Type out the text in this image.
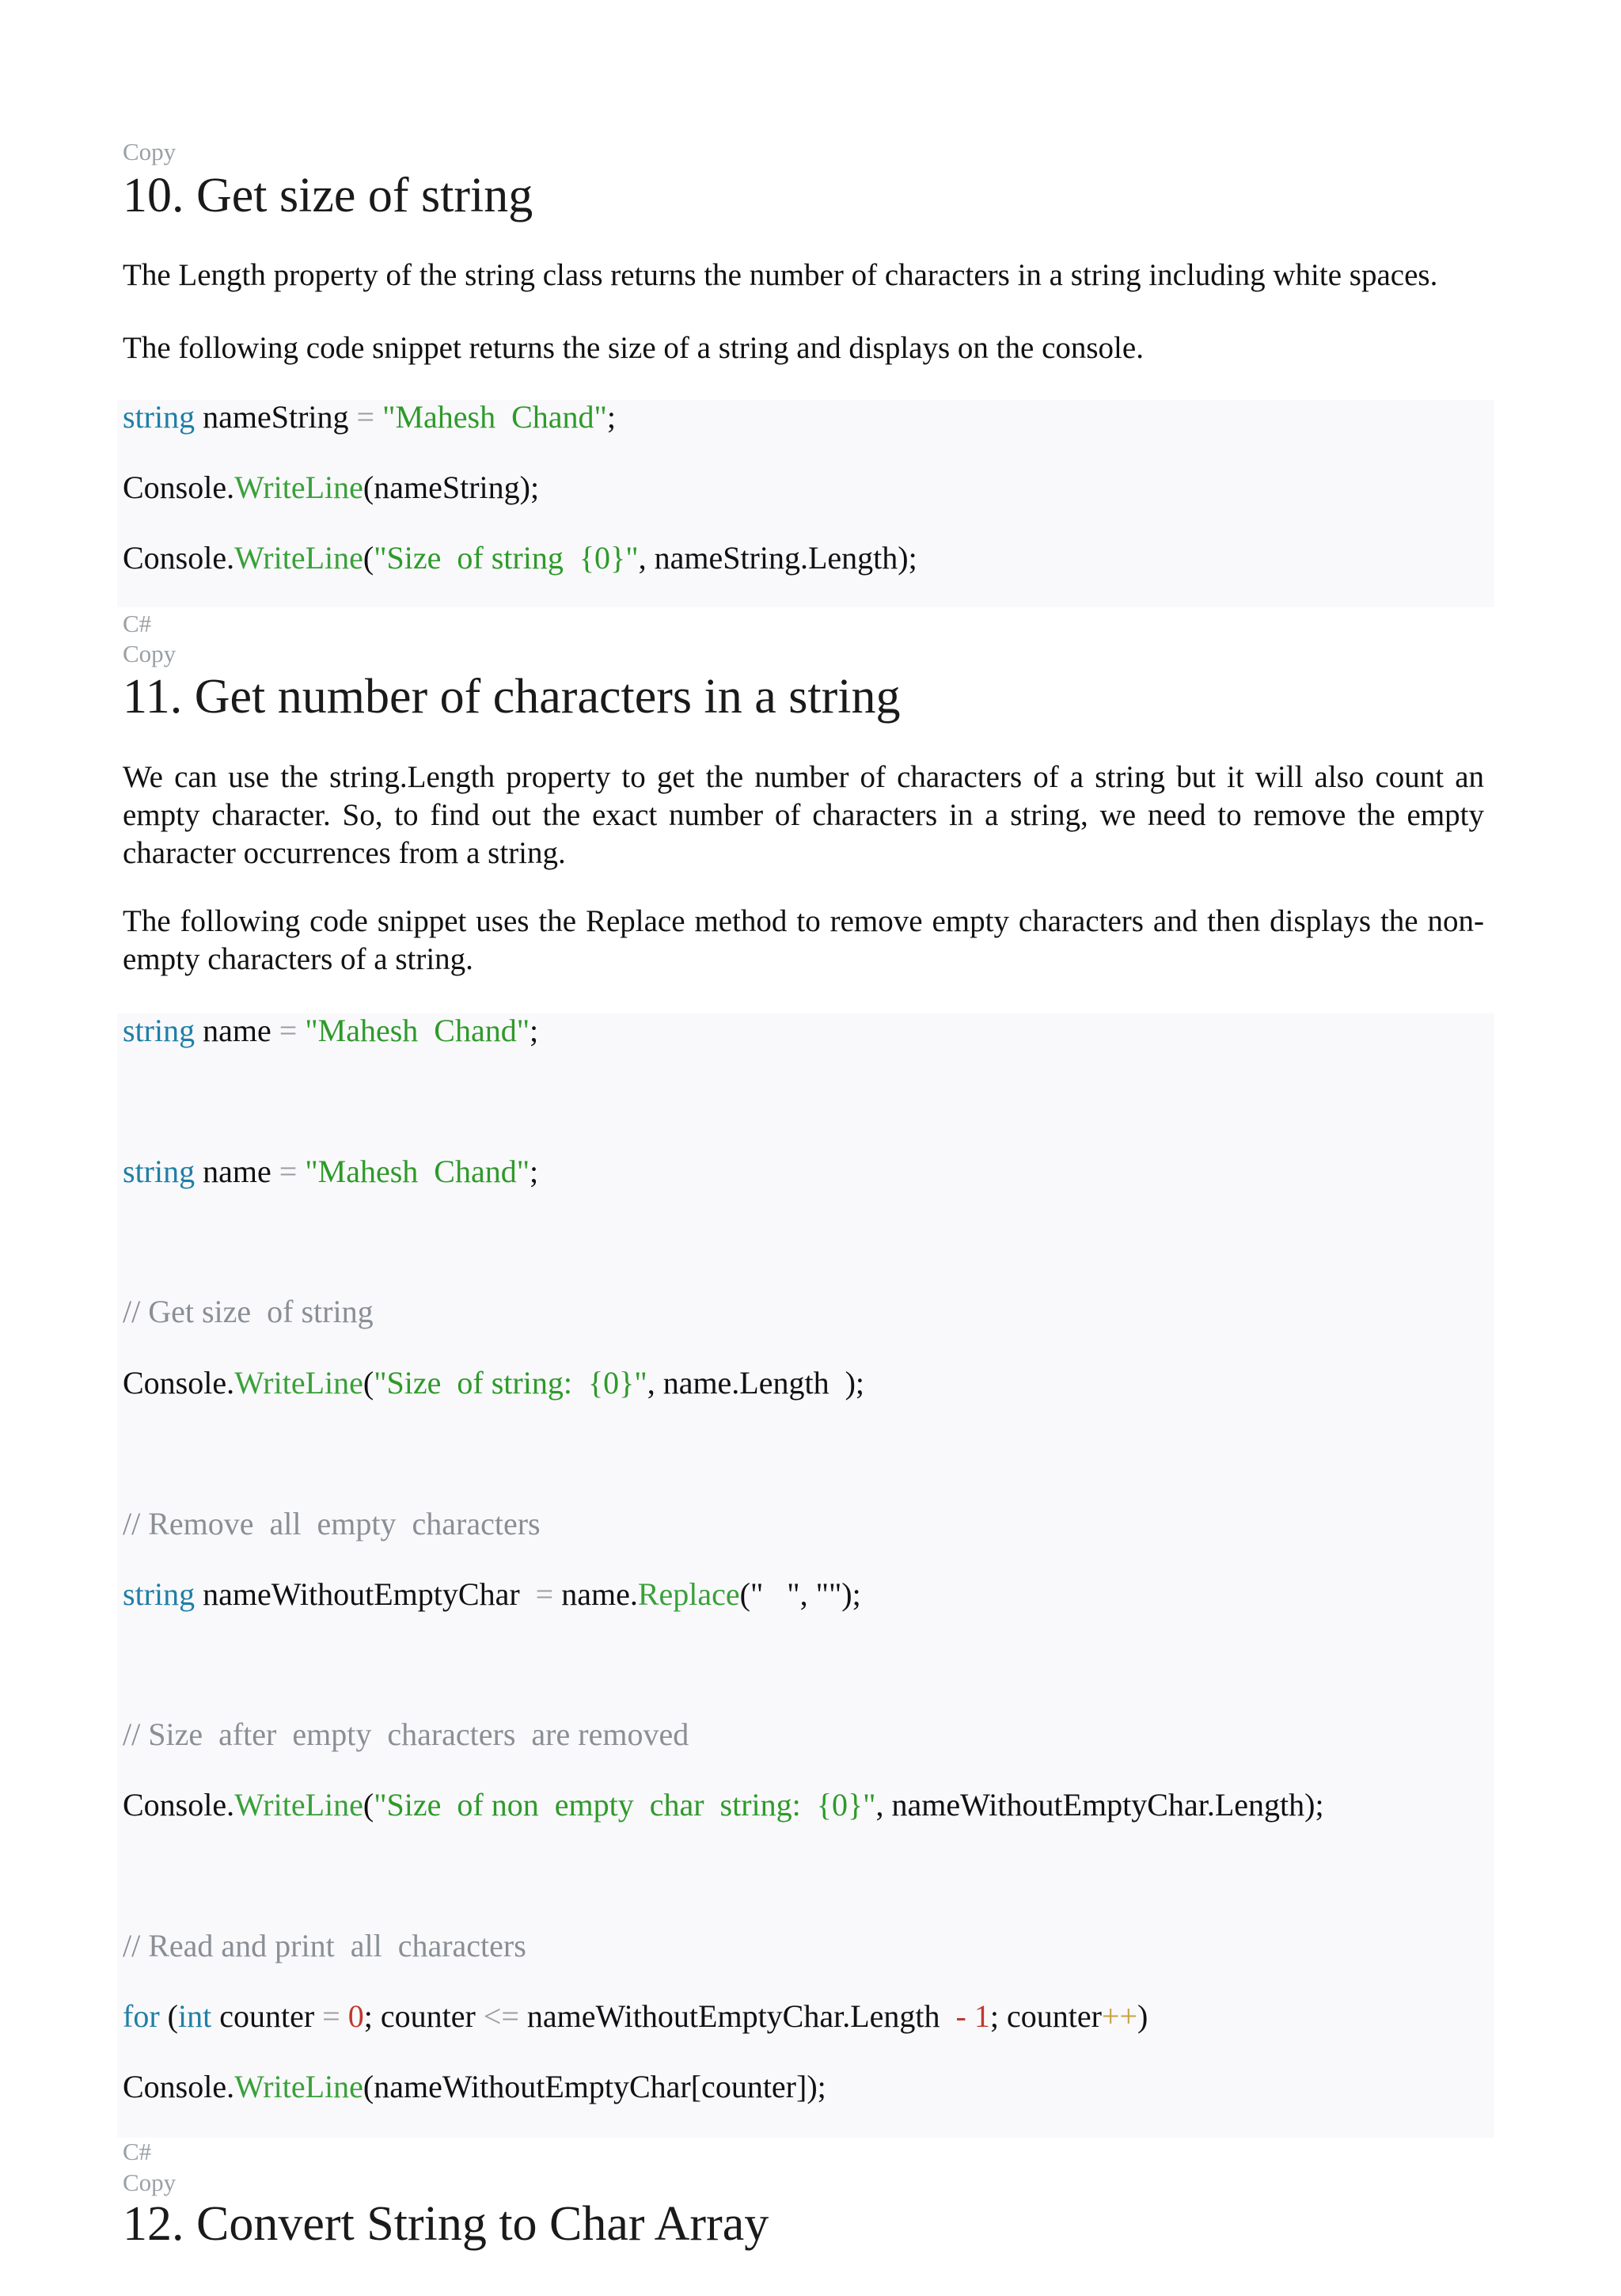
Copy
10. Get size of string
The Length property of the string class returns the number of characters in a string including white spaces.
The following code snippet returns the size of a string and displays on the console.
string nameString = "Mahesh  Chand";
Console.WriteLine(nameString);
Console.WriteLine("Size  of string  {0}", nameString.Length);
C#
Copy
11. Get number of characters in a string
We can use the string.Length property to get the number of characters of a string but it will also count an empty character. So, to find out the exact number of characters in a string, we need to remove the empty character occurrences from a string.
The following code snippet uses the Replace method to remove empty characters and then displays the non-empty characters of a string.
string name = "Mahesh  Chand";
string name = "Mahesh  Chand";
// Get size  of string
Console.WriteLine("Size  of string:  {0}", name.Length  );
// Remove  all  empty  characters
string nameWithoutEmptyChar  = name.Replace("   ", "");
// Size  after  empty  characters  are removed
Console.WriteLine("Size  of non  empty  char  string:  {0}", nameWithoutEmptyChar.Length);
// Read and print  all  characters
for (int counter = 0; counter <= nameWithoutEmptyChar.Length  - 1; counter++)
Console.WriteLine(nameWithoutEmptyChar[counter]);
C#
Copy
12. Convert String to Char Array
